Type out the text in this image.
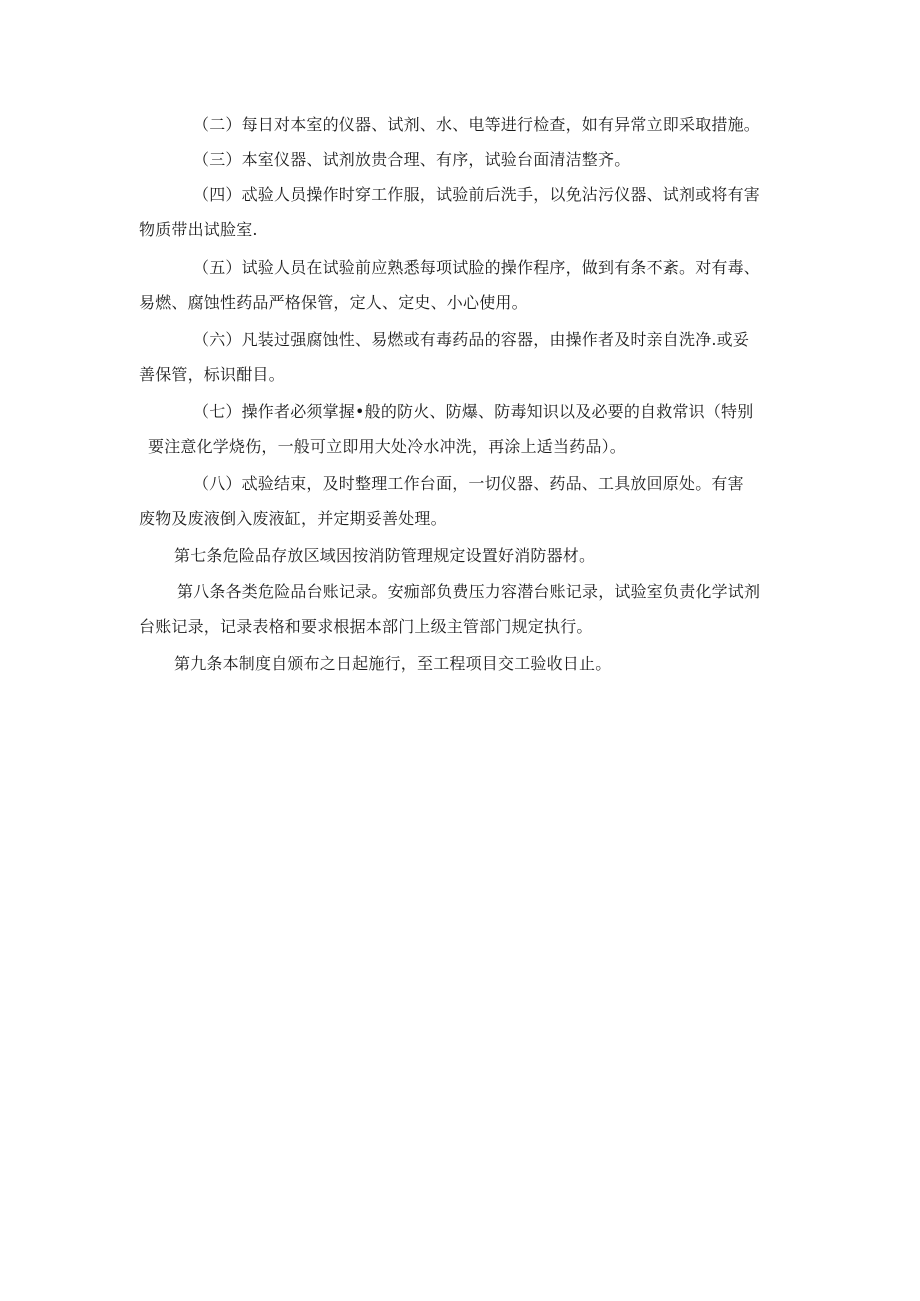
（二）每日对本室的仪器、试剂、水、电等进行检查，如有异常立即采取措施。
（三）本室仪器、试剂放贵合理、有序，试验台面清洁整齐。
（四）忒验人员操作时穿工作服，试验前后洗手，以免沾污仪器、试剂或将有害
物质带出试脸室.
（五）试验人员在试验前应熟悉每项试脸的操作程序，做到有条不紊。对有毒、
易燃、腐蚀性药品严格保管，定人、定史、小心使用。
（六）凡装过强腐蚀性、易燃或有毒药品的容器，由操作者及时亲自洗净.或妥
善保管，标识酣目。
（七）操作者必须掌握•般的防火、防爆、防毒知识以及必要的自救常识（特别
要注意化学烧伤，一般可立即用大处冷水冲洗，再涂上适当药品）。
（八）忒验结束，及时整理工作台面，一切仪器、药品、工具放回原处。有害
废物及废液倒入废液缸，并定期妥善处理。
第七条危险品存放区域因按消防管理规定设置好消防器材。
第八条各类危险品台账记录。安痂部负费压力容潜台账记录，试验室负责化学试剂
台账记录，记录表格和要求根据本部门上级主管部门规定执行。
第九条本制度自颁布之日起施行，至工程项目交工验收日止。
